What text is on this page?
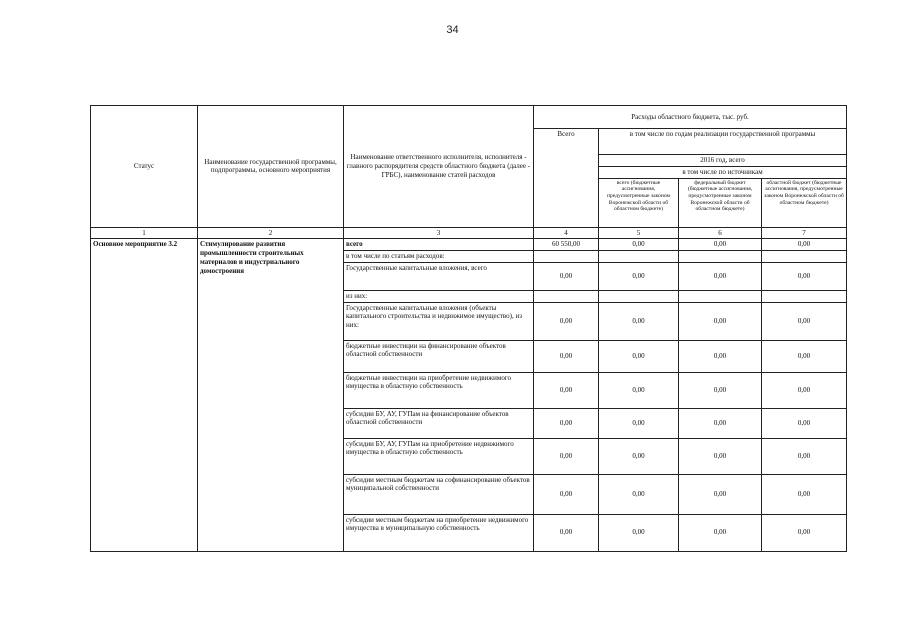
34
Статус	Наименование государственной программы, подпрограммы, основного мероприятия	Наименование ответственного исполнителя, исполнителя - главного распорядителя средств областного бюджета (далее - ГРБС), наименование статей расходов	Расходы областного бюджета, тыс. руб.			
			Всего	в том числе по годам реализации государственной программы		
				2016 год, всего		
				в том числе по источникам		
				всего (бюджетные ассигнования, предусмотренные законом Воронежской области об областном бюджете)	федеральный бюджет (бюджетные ассигнования, предусмотренные законом Воронежской области об областном бюджете)	областной бюджет (бюджетные ассигнования, предусмотренные законом Воронежской области об областном бюджете)
1	2	3	4	5	6	7
Основное мероприятие 3.2	Стимулирование развития промышленности строительных материалов и индустриального домостроения	всего	60 550,00	0,00	0,00	0,00
		в том числе по статьям расходов:				
		Государственные капитальные вложения, всего	0,00	0,00	0,00	0,00
		из них:				
		Государственные капитальные вложения (объекты капитального строительства и недвижимое имущество), из них:	0,00	0,00	0,00	0,00
		бюджетные инвестиции на финансирование объектов областной собственности	0,00	0,00	0,00	0,00
		бюджетные инвестиции на приобретение недвижимого имущества в областную собственность	0,00	0,00	0,00	0,00
		субсидии БУ, АУ, ГУПам на финансирование объектов областной собственности	0,00	0,00	0,00	0,00
		субсидии БУ, АУ, ГУПам на приобретение недвижимого имущества в областную собственность	0,00	0,00	0,00	0,00
		субсидии местным бюджетам на софинансирование объектов муниципальной собственности	0,00	0,00	0,00	0,00
		субсидии местным бюджетам на приобретение недвижимого имущества в муниципальную собственность	0,00	0,00	0,00	0,00
